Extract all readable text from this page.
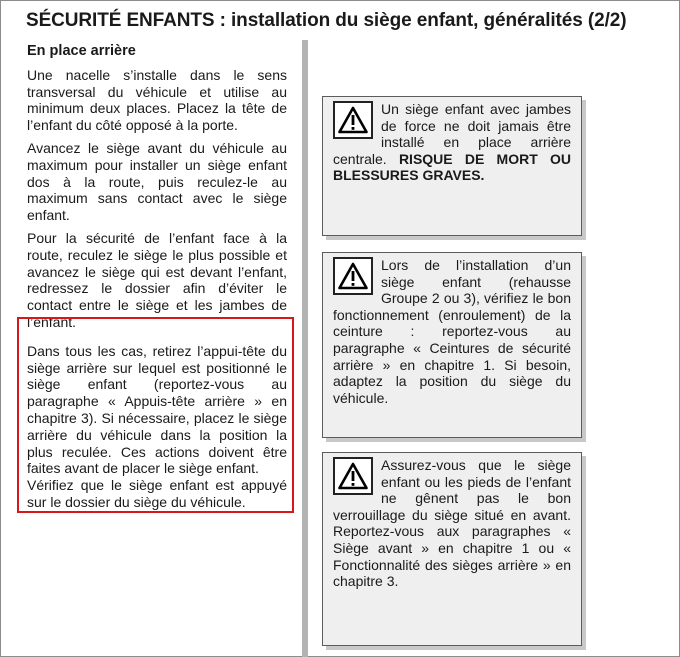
SÉCURITÉ ENFANTS : installation du siège enfant, généralités (2/2)
En place arrière

Une nacelle s’installe dans le sens transversal du véhicule et utilise au minimum deux places. Placez la tête de l’enfant du côté opposé à la porte.

Avancez le siège avant du véhicule au maximum pour installer un siège enfant dos à la route, puis reculez-le au maximum sans contact avec le siège enfant.

Pour la sécurité de l’enfant face à la route, reculez le siège le plus possible et avancez le siège qui est devant l’enfant, redressez le dossier afin d’éviter le contact entre le siège et les jambes de l’enfant.

Dans tous les cas, retirez l’appui-tête du siège arrière sur lequel est positionné le siège enfant (reportez-vous au paragraphe « Appuis-tête arrière » en chapitre 3). Si nécessaire, placez le siège arrière du véhicule dans la position la plus reculée. Ces actions doivent être faites avant de placer le siège enfant.

Vérifiez que le siège enfant est appuyé sur le dossier du siège du véhicule.

Un siège enfant avec jambes de force ne doit jamais être installé en place arrière centrale. RISQUE DE MORT OU BLESSURES GRAVES.
Lors de l’installation d’un siège enfant (rehausse Groupe 2 ou 3), vérifiez le bon fonctionnement (enroulement) de la ceinture : reportez-vous au paragraphe « Ceintures de sécurité arrière » en chapitre 1. Si besoin, adaptez la position du siège du véhicule.
Assurez-vous que le siège enfant ou les pieds de l’enfant ne gênent pas le bon verrouillage du siège situé en avant. Reportez-vous aux paragraphes « Siège avant » en chapitre 1 ou « Fonctionnalité des sièges arrière » en chapitre 3.
